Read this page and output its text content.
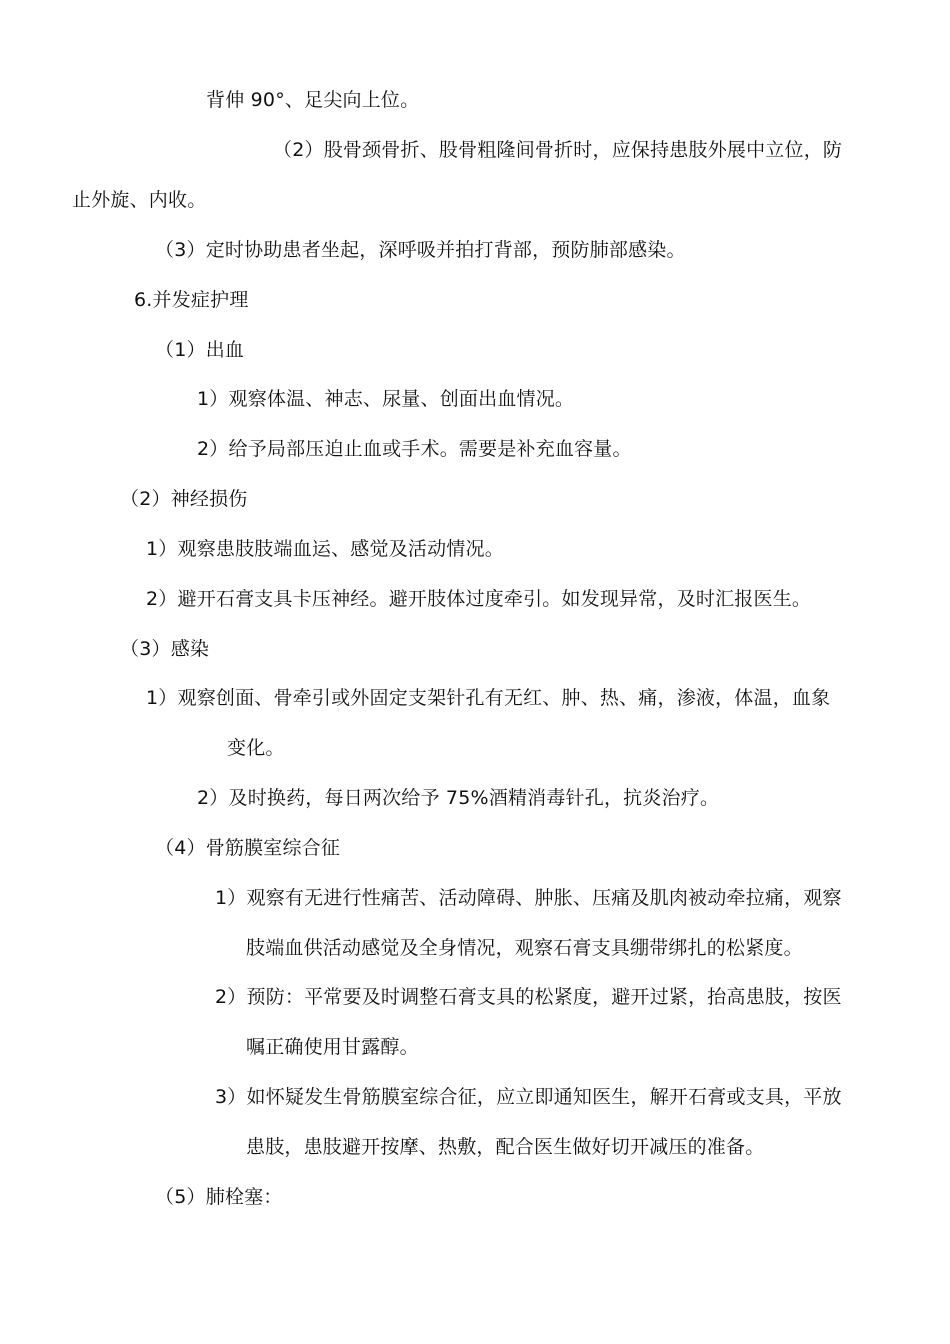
背伸 90°、足尖向上位。
（2）股骨颈骨折、股骨粗隆间骨折时，应保持患肢外展中立位，防
止外旋、内收。
（3）定时协助患者坐起，深呼吸并拍打背部，预防肺部感染。
6.并发症护理
（1）出血
1）观察体温、神志、尿量、创面出血情况。
2）给予局部压迫止血或手术。需要是补充血容量。
（2）神经损伤
1）观察患肢肢端血运、感觉及活动情况。
2）避开石膏支具卡压神经。避开肢体过度牵引。如发现异常，及时汇报医生。
（3）感染
1）观察创面、骨牵引或外固定支架针孔有无红、肿、热、痛，渗液，体温，血象
变化。
2）及时换药，每日两次给予 75%酒精消毒针孔，抗炎治疗。
（4）骨筋膜室综合征
1）观察有无进行性痛苦、活动障碍、肿胀、压痛及肌肉被动牵拉痛，观察
肢端血供活动感觉及全身情况，观察石膏支具绷带绑扎的松紧度。
2）预防：平常要及时调整石膏支具的松紧度，避开过紧，抬高患肢，按医
嘱正确使用甘露醇。
3）如怀疑发生骨筋膜室综合征，应立即通知医生，解开石膏或支具，平放
患肢，患肢避开按摩、热敷，配合医生做好切开减压的准备。
（5）肺栓塞：
